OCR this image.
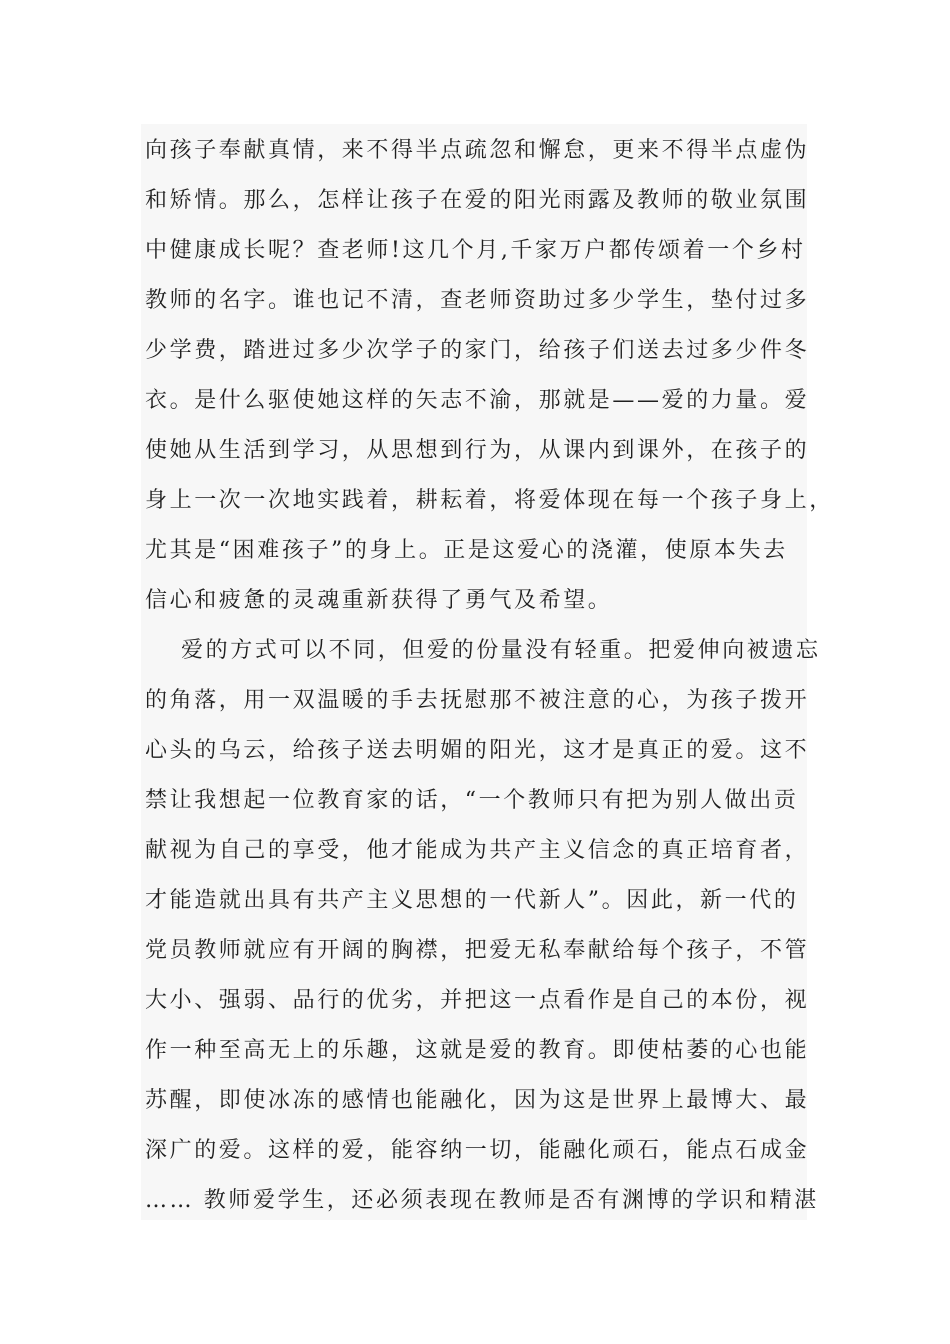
向孩子奉献真情，来不得半点疏忽和懈怠，更来不得半点虚伪
和矫情。那么，怎样让孩子在爱的阳光雨露及教师的敬业氛围
中健康成长呢？查老师!这几个月,千家万户都传颂着一个乡村
教师的名字。谁也记不清，查老师资助过多少学生，垫付过多
少学费，踏进过多少次学子的家门，给孩子们送去过多少件冬
衣。是什么驱使她这样的矢志不渝，那就是——爱的力量。爱
使她从生活到学习，从思想到行为，从课内到课外，在孩子的
身上一次一次地实践着，耕耘着，将爱体现在每一个孩子身上，
尤其是“困难孩子”的身上。正是这爱心的浇灌，使原本失去
信心和疲惫的灵魂重新获得了勇气及希望。
爱的方式可以不同，但爱的份量没有轻重。把爱伸向被遗忘
的角落，用一双温暖的手去抚慰那不被注意的心，为孩子拨开
心头的乌云，给孩子送去明媚的阳光，这才是真正的爱。这不
禁让我想起一位教育家的话，“一个教师只有把为别人做出贡
献视为自己的享受，他才能成为共产主义信念的真正培育者，
才能造就出具有共产主义思想的一代新人”。因此，新一代的
党员教师就应有开阔的胸襟，把爱无私奉献给每个孩子，不管
大小、强弱、品行的优劣，并把这一点看作是自己的本份，视
作一种至高无上的乐趣，这就是爱的教育。即使枯萎的心也能
苏醒，即使冰冻的感情也能融化，因为这是世界上最博大、最
深广的爱。这样的爱，能容纳一切，能融化顽石，能点石成金
…… 教师爱学生，还必须表现在教师是否有渊博的学识和精湛
